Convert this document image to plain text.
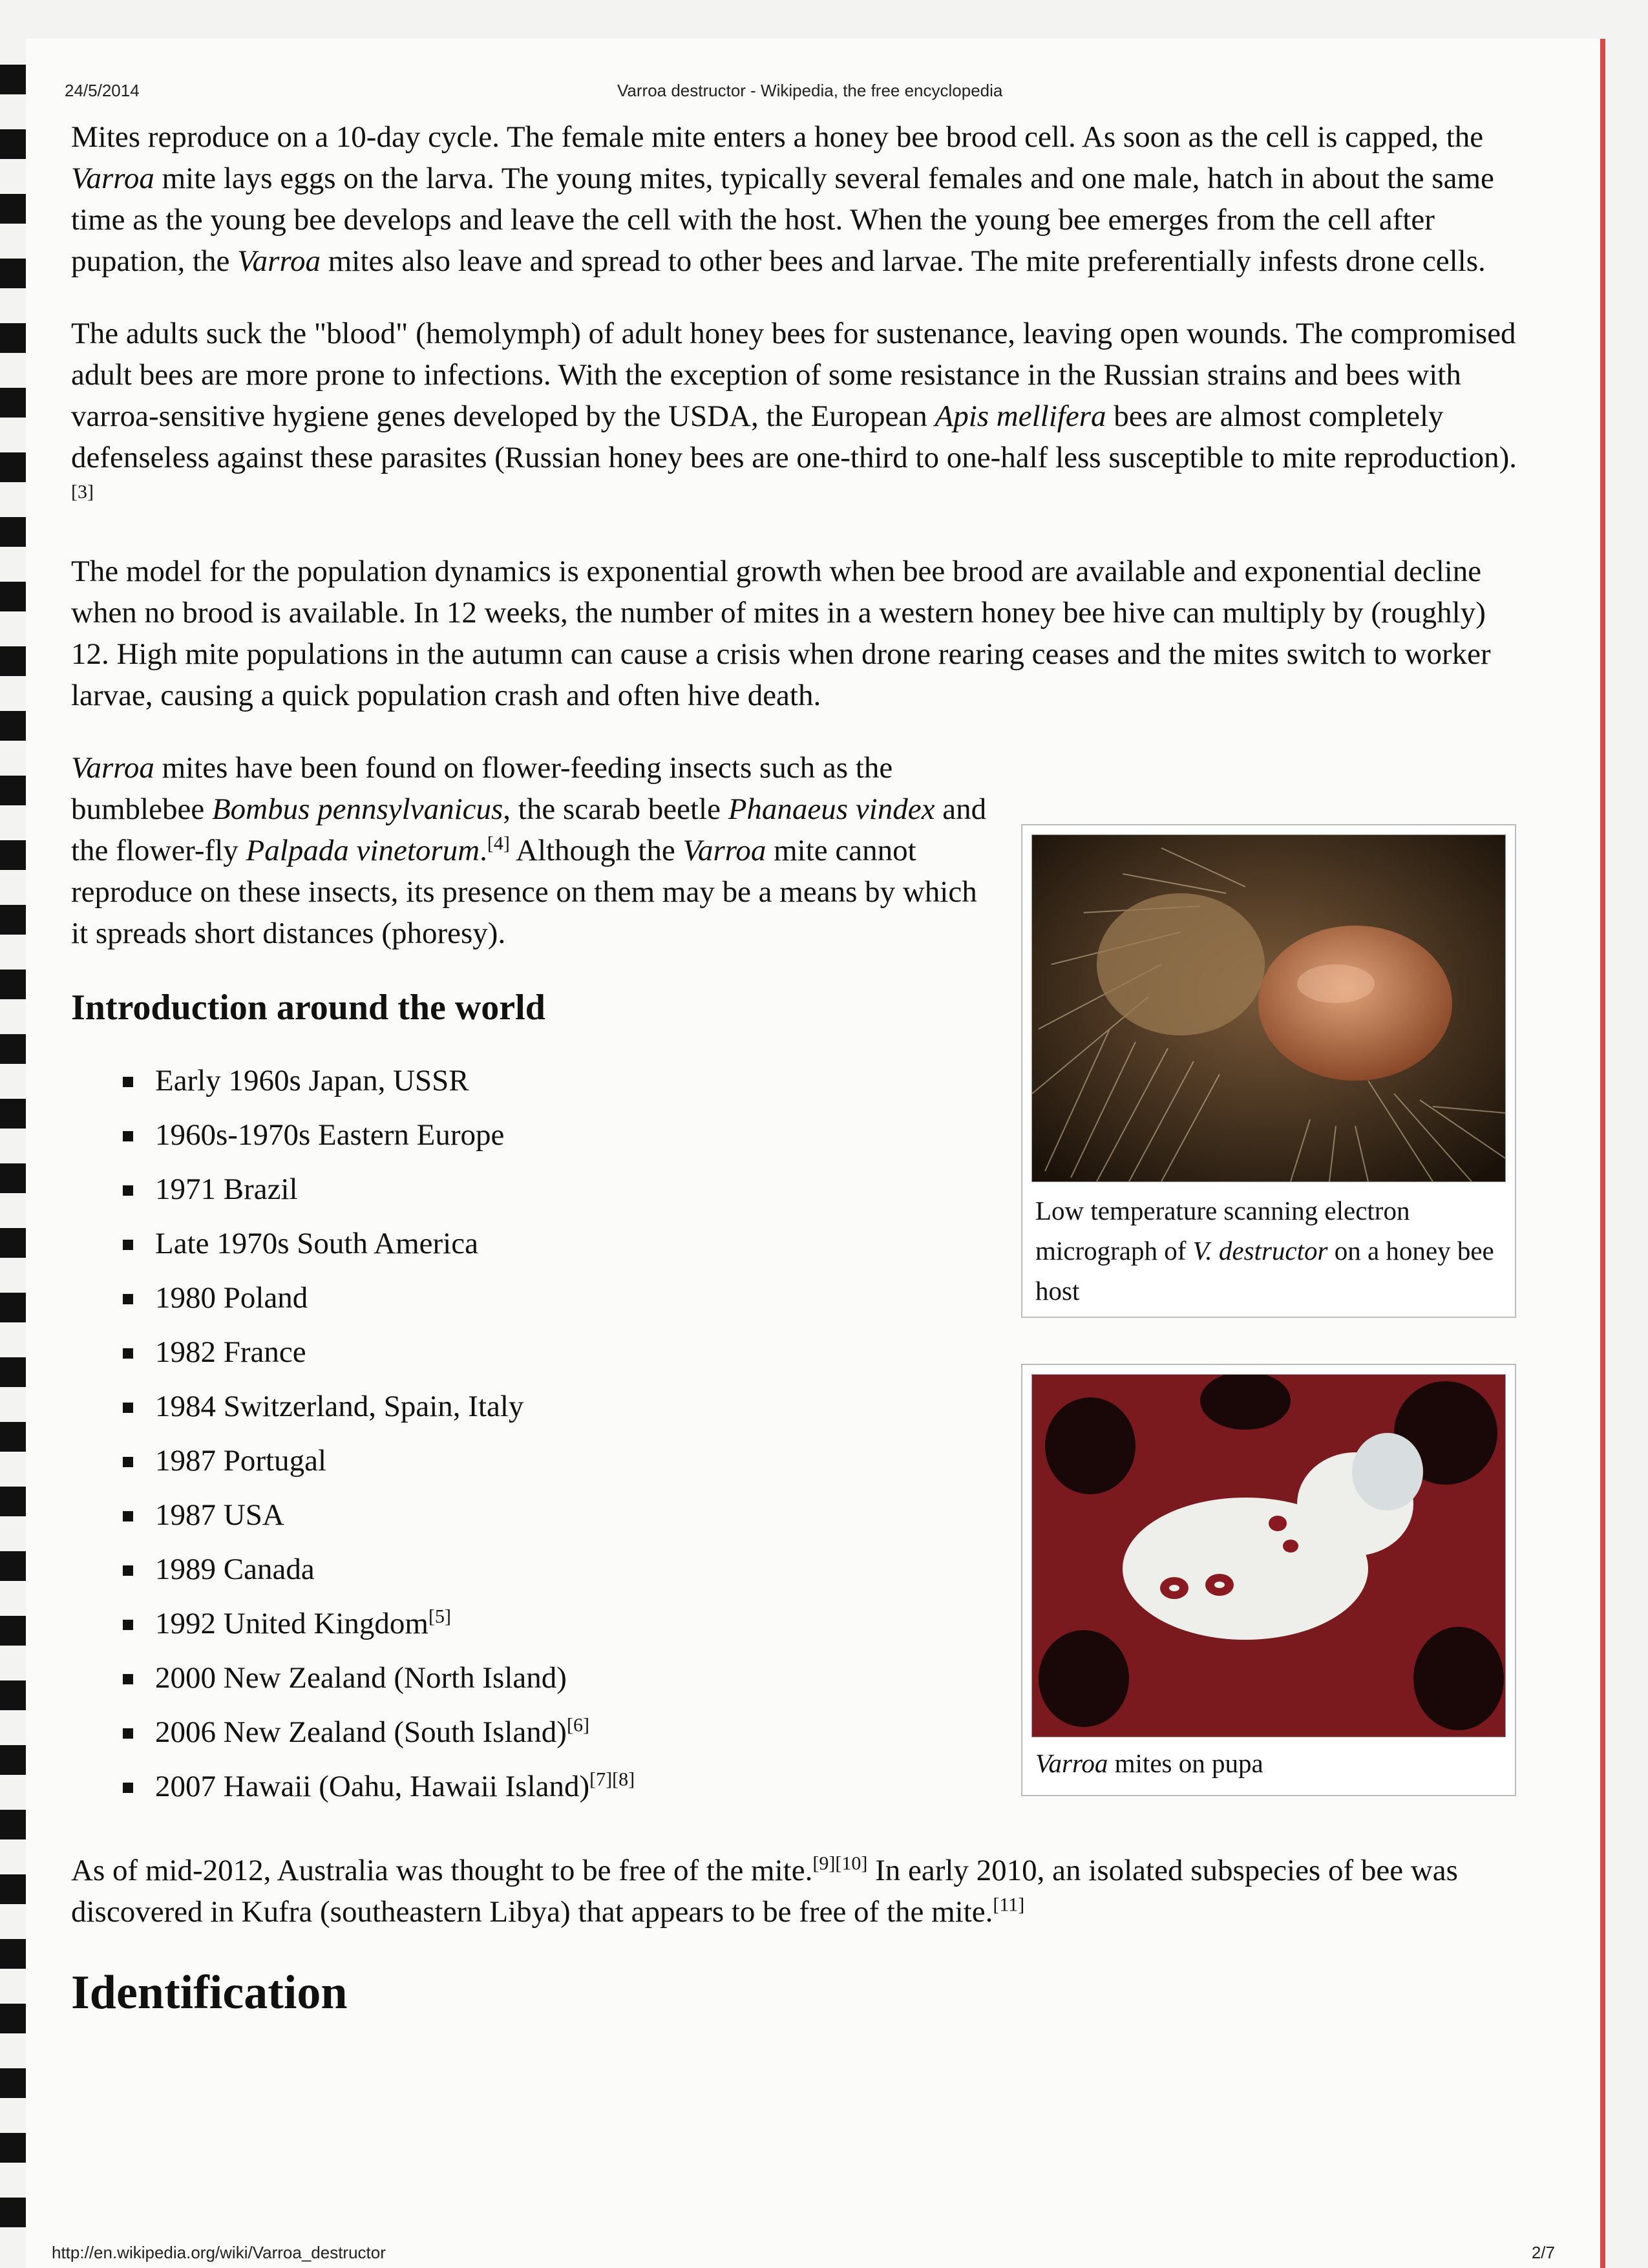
24/5/2014	Varroa destructor - Wikipedia, the free encyclopedia

Mites reproduce on a 10-day cycle. The female mite enters a honey bee brood cell. As soon as the cell is capped, the Varroa mite lays eggs on the larva. The young mites, typically several females and one male, hatch in about the same time as the young bee develops and leave the cell with the host. When the young bee emerges from the cell after pupation, the Varroa mites also leave and spread to other bees and larvae. The mite preferentially infests drone cells.

The adults suck the "blood" (hemolymph) of adult honey bees for sustenance, leaving open wounds. The compromised adult bees are more prone to infections. With the exception of some resistance in the Russian strains and bees with varroa-sensitive hygiene genes developed by the USDA, the European Apis mellifera bees are almost completely defenseless against these parasites (Russian honey bees are one-third to one-half less susceptible to mite reproduction).[3]

The model for the population dynamics is exponential growth when bee brood are available and exponential decline when no brood is available. In 12 weeks, the number of mites in a western honey bee hive can multiply by (roughly) 12. High mite populations in the autumn can cause a crisis when drone rearing ceases and the mites switch to worker larvae, causing a quick population crash and often hive death.

Varroa mites have been found on flower-feeding insects such as the bumblebee Bombus pennsylvanicus, the scarab beetle Phanaeus vindex and the flower-fly Palpada vinetorum.[4] Although the Varroa mite cannot reproduce on these insects, its presence on them may be a means by which it spreads short distances (phoresy).

Introduction around the world
Early 1960s Japan, USSR
1960s-1970s Eastern Europe
1971 Brazil
Late 1970s South America
1980 Poland
1982 France
1984 Switzerland, Spain, Italy
1987 Portugal
1987 USA
1989 Canada
1992 United Kingdom[5]
2000 New Zealand (North Island)
2006 New Zealand (South Island)[6]
2007 Hawaii (Oahu, Hawaii Island)[7][8]

As of mid-2012, Australia was thought to be free of the mite.[9][10] In early 2010, an isolated subspecies of bee was discovered in Kufra (southeastern Libya) that appears to be free of the mite.[11]

Identification
Low temperature scanning electron micrograph of V. destructor on a honey bee host
Varroa mites on pupa
http://en.wikipedia.org/wiki/Varroa_destructor	2/7
